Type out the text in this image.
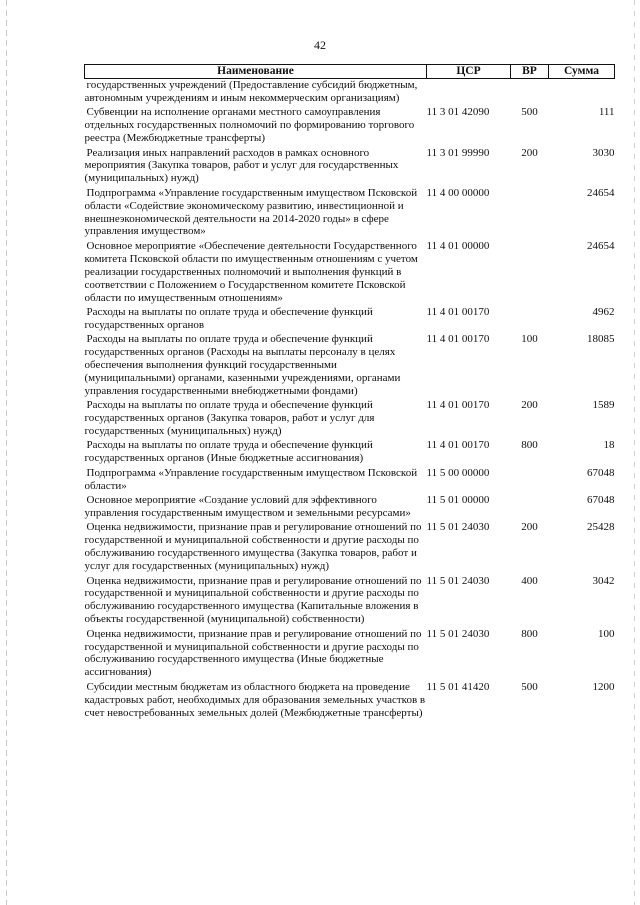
42
Наименование	ЦСР	ВР	Сумма
государственных учреждений (Предоставление субсидий бюджетным, автономным учреждениям и иным некоммерческим организациям)			
Субвенции на исполнение органами местного самоуправления отдельных государственных полномочий по формированию торгового реестра (Межбюджетные трансферты)	11 3 01 42090	500	111
Реализация иных направлений расходов в рамках основного мероприятия (Закупка товаров, работ и услуг для государственных (муниципальных) нужд)	11 3 01 99990	200	3030
Подпрограмма «Управление государственным имуществом Псковской области «Содействие экономическому развитию, инвестиционной и внешнеэкономической деятельности на 2014-2020 годы» в сфере управления имуществом»	11 4 00 00000		24654
Основное мероприятие «Обеспечение деятельности Государственного комитета Псковской области по имущественным отношениям с учетом реализации государственных полномочий и выполнения функций в соответствии с Положением о Государственном комитете Псковской области по имущественным отношениям»	11 4 01 00000		24654
Расходы на выплаты по оплате труда и обеспечение функций государственных органов	11 4 01 00170		4962
Расходы на выплаты по оплате труда и обеспечение функций государственных органов (Расходы на выплаты персоналу в целях обеспечения выполнения функций государственными (муниципальными) органами, казенными учреждениями, органами управления государственными внебюджетными фондами)	11 4 01 00170	100	18085
Расходы на выплаты по оплате труда и обеспечение функций государственных органов (Закупка товаров, работ и услуг для государственных (муниципальных) нужд)	11 4 01 00170	200	1589
Расходы на выплаты по оплате труда и обеспечение функций государственных органов (Иные бюджетные ассигнования)	11 4 01 00170	800	18
Подпрограмма «Управление государственным имуществом Псковской области»	11 5 00 00000		67048
Основное мероприятие «Создание условий для эффективного управления государственным имуществом и земельными ресурсами»	11 5 01 00000		67048
Оценка недвижимости, признание прав и регулирование отношений по государственной и муниципальной собственности и другие расходы по обслуживанию государственного имущества (Закупка товаров, работ и услуг для государственных (муниципальных) нужд)	11 5 01 24030	200	25428
Оценка недвижимости, признание прав и регулирование отношений по государственной и муниципальной собственности и другие расходы по обслуживанию государственного имущества (Капитальные вложения в объекты государственной (муниципальной) собственности)	11 5 01 24030	400	3042
Оценка недвижимости, признание прав и регулирование отношений по государственной и муниципальной собственности и другие расходы по обслуживанию государственного имущества (Иные бюджетные ассигнования)	11 5 01 24030	800	100
Субсидии местным бюджетам из областного бюджета на проведение кадастровых работ, необходимых для образования земельных участков в счет невостребованных земельных долей (Межбюджетные трансферты)	11 5 01 41420	500	1200
